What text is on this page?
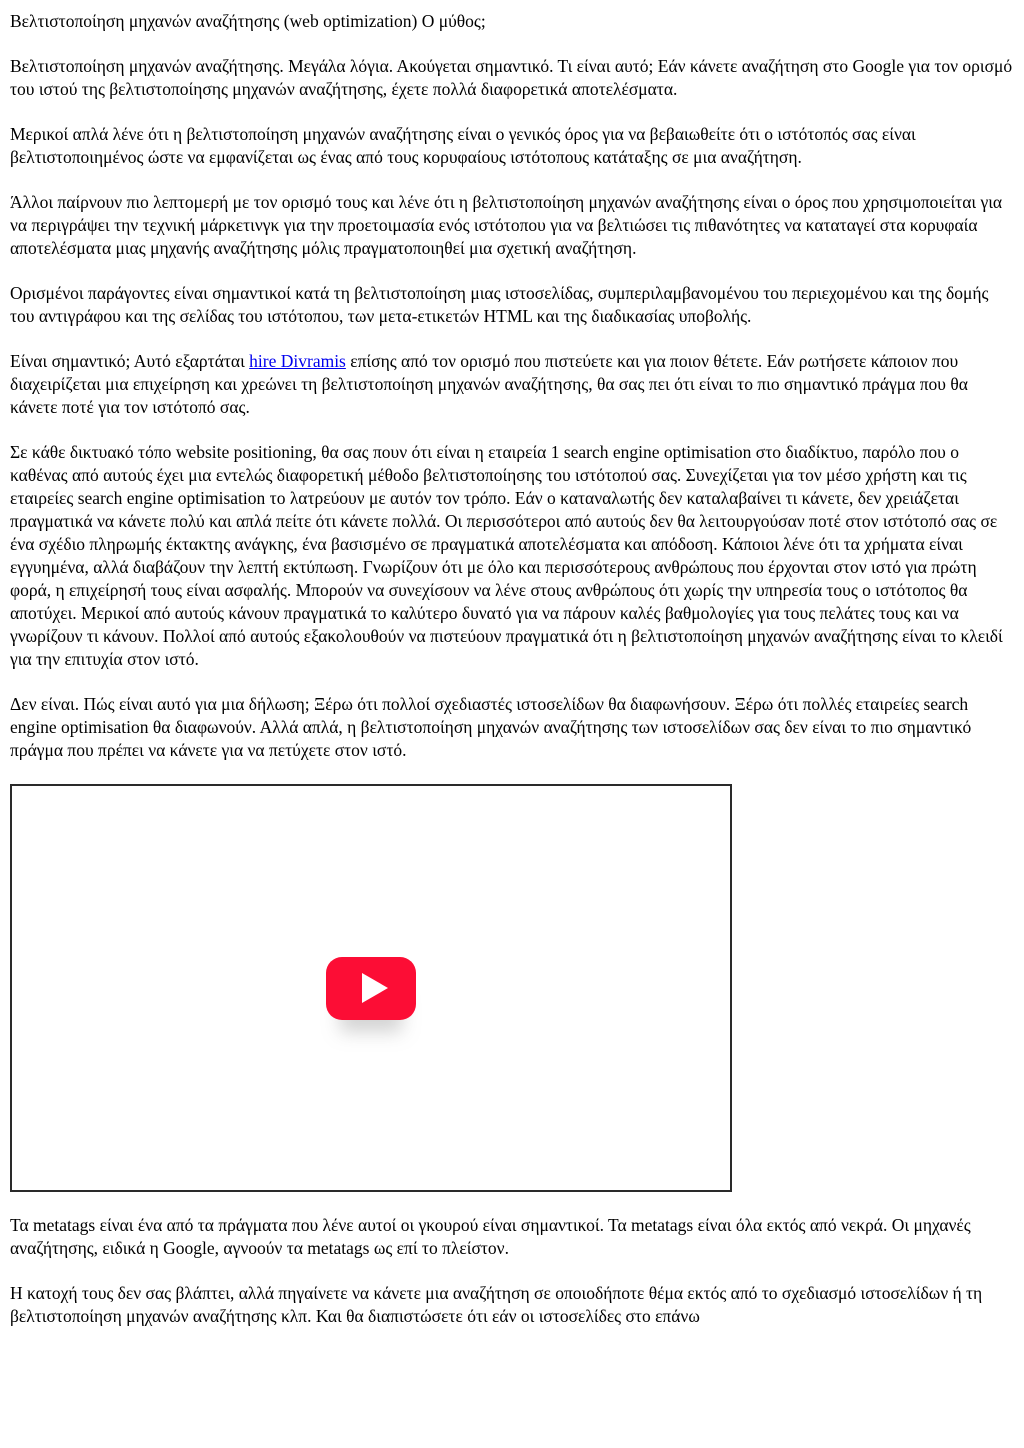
Βελτιστοποίηση μηχανών αναζήτησης (web optimization) Ο μύθος;

Βελτιστοποίηση μηχανών αναζήτησης. Μεγάλα λόγια. Ακούγεται σημαντικό. Τι είναι αυτό; Εάν κάνετε αναζήτηση στο Google για τον ορισμό του ιστού της βελτιστοποίησης μηχανών αναζήτησης, έχετε πολλά διαφορετικά αποτελέσματα.

Μερικοί απλά λένε ότι η βελτιστοποίηση μηχανών αναζήτησης είναι ο γενικός όρος για να βεβαιωθείτε ότι ο ιστότοπός σας είναι βελτιστοποιημένος ώστε να εμφανίζεται ως ένας από τους κορυφαίους ιστότοπους κατάταξης σε μια αναζήτηση.

Άλλοι παίρνουν πιο λεπτομερή με τον ορισμό τους και λένε ότι η βελτιστοποίηση μηχανών αναζήτησης είναι ο όρος που χρησιμοποιείται για να περιγράψει την τεχνική μάρκετινγκ για την προετοιμασία ενός ιστότοπου για να βελτιώσει τις πιθανότητες να καταταγεί στα κορυφαία αποτελέσματα μιας μηχανής αναζήτησης μόλις πραγματοποιηθεί μια σχετική αναζήτηση.

Ορισμένοι παράγοντες είναι σημαντικοί κατά τη βελτιστοποίηση μιας ιστοσελίδας, συμπεριλαμβανομένου του περιεχομένου και της δομής του αντιγράφου και της σελίδας του ιστότοπου, των μετα-ετικετών HTML και της διαδικασίας υποβολής.

Είναι σημαντικό; Αυτό εξαρτάται hire Divramis επίσης από τον ορισμό που πιστεύετε και για ποιον θέτετε. Εάν ρωτήσετε κάποιον που διαχειρίζεται μια επιχείρηση και χρεώνει τη βελτιστοποίηση μηχανών αναζήτησης, θα σας πει ότι είναι το πιο σημαντικό πράγμα που θα κάνετε ποτέ για τον ιστότοπό σας.

Σε κάθε δικτυακό τόπο website positioning, θα σας πουν ότι είναι η εταιρεία 1 search engine optimisation στο διαδίκτυο, παρόλο που ο καθένας από αυτούς έχει μια εντελώς διαφορετική μέθοδο βελτιστοποίησης του ιστότοπού σας. Συνεχίζεται για τον μέσο χρήστη και τις εταιρείες search engine optimisation το λατρεύουν με αυτόν τον τρόπο. Εάν ο καταναλωτής δεν καταλαβαίνει τι κάνετε, δεν χρειάζεται πραγματικά να κάνετε πολύ και απλά πείτε ότι κάνετε πολλά. Οι περισσότεροι από αυτούς δεν θα λειτουργούσαν ποτέ στον ιστότοπό σας σε ένα σχέδιο πληρωμής έκτακτης ανάγκης, ένα βασισμένο σε πραγματικά αποτελέσματα και απόδοση. Κάποιοι λένε ότι τα χρήματα είναι εγγυημένα, αλλά διαβάζουν την λεπτή εκτύπωση. Γνωρίζουν ότι με όλο και περισσότερους ανθρώπους που έρχονται στον ιστό για πρώτη φορά, η επιχείρησή τους είναι ασφαλής. Μπορούν να συνεχίσουν να λένε στους ανθρώπους ότι χωρίς την υπηρεσία τους ο ιστότοπος θα αποτύχει. Μερικοί από αυτούς κάνουν πραγματικά το καλύτερο δυνατό για να πάρουν καλές βαθμολογίες για τους πελάτες τους και να γνωρίζουν τι κάνουν. Πολλοί από αυτούς εξακολουθούν να πιστεύουν πραγματικά ότι η βελτιστοποίηση μηχανών αναζήτησης είναι το κλειδί για την επιτυχία στον ιστό.

Δεν είναι. Πώς είναι αυτό για μια δήλωση; Ξέρω ότι πολλοί σχεδιαστές ιστοσελίδων θα διαφωνήσουν. Ξέρω ότι πολλές εταιρείες search engine optimisation θα διαφωνούν. Αλλά απλά, η βελτιστοποίηση μηχανών αναζήτησης των ιστοσελίδων σας δεν είναι το πιο σημαντικό πράγμα που πρέπει να κάνετε για να πετύχετε στον ιστό.

Τα metatags είναι ένα από τα πράγματα που λένε αυτοί οι γκουρού είναι σημαντικοί. Τα metatags είναι όλα εκτός από νεκρά. Οι μηχανές αναζήτησης, ειδικά η Google, αγνοούν τα metatags ως επί το πλείστον.

Η κατοχή τους δεν σας βλάπτει, αλλά πηγαίνετε να κάνετε μια αναζήτηση σε οποιοδήποτε θέμα εκτός από το σχεδιασμό ιστοσελίδων ή τη βελτιστοποίηση μηχανών αναζήτησης κλπ. Και θα διαπιστώσετε ότι εάν οι ιστοσελίδες στο επάνω
